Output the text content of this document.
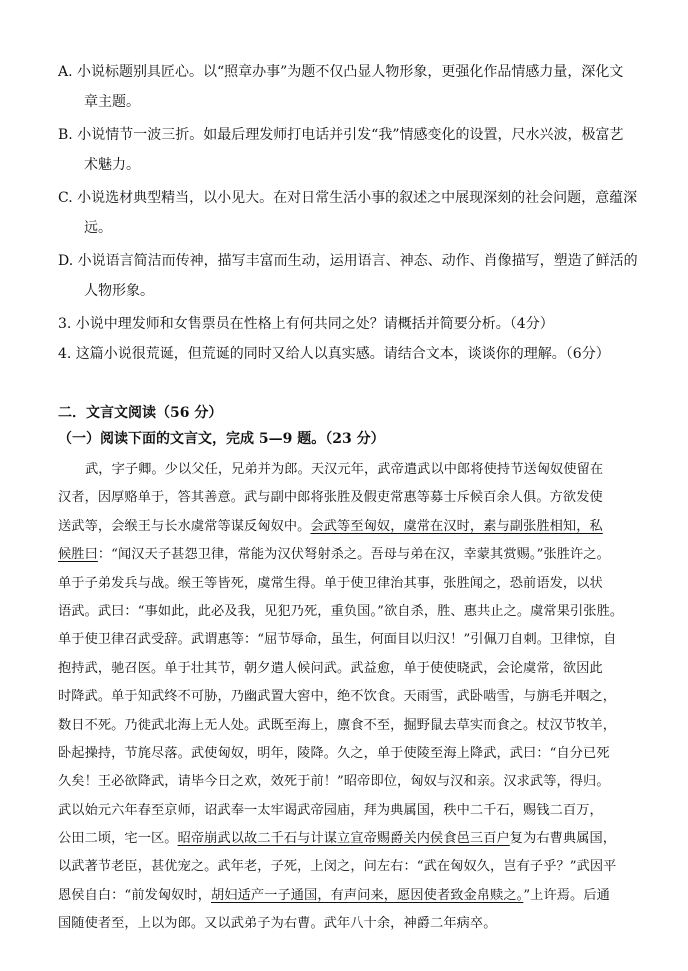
A. 小说标题别具匠心。以“照章办事”为题不仅凸显人物形象，更强化作品情感力量，深化文
章主题。
B. 小说情节一波三折。如最后理发师打电话并引发“我”情感变化的设置，尺水兴波，极富艺
术魅力。
C. 小说选材典型精当，以小见大。在对日常生活小事的叙述之中展现深刻的社会问题，意蕴深
远。
D. 小说语言简洁而传神，描写丰富而生动，运用语言、神态、动作、肖像描写，塑造了鲜活的
人物形象。
3. 小说中理发师和女售票员在性格上有何共同之处？请概括并简要分析。（4分）
4. 这篇小说很荒诞，但荒诞的同时又给人以真实感。请结合文本，谈谈你的理解。（6分）
二．文言文阅读（56 分）
（一）阅读下面的文言文，完成 5—9 题。（23 分）
武，字子卿。少以父任，兄弟并为郎。天汉元年，武帝遣武以中郎将使持节送匈奴使留在
汉者，因厚赂单于，答其善意。武与副中郎将张胜及假吏常惠等募士斥候百余人俱。方欲发使
送武等，会缑王与长水虞常等谋反匈奴中。会武等至匈奴，虞常在汉时，素与副张胜相知，私
候胜曰：“闻汉天子甚怨卫律，常能为汉伏弩射杀之。吾母与弟在汉，幸蒙其赏赐。”张胜许之。
单于子弟发兵与战。缑王等皆死，虞常生得。单于使卫律治其事，张胜闻之，恐前语发，以状
语武。武曰：“事如此，此必及我，见犯乃死，重负国。”欲自杀，胜、惠共止之。虞常果引张胜。
单于使卫律召武受辞。武谓惠等：“屈节辱命，虽生，何面目以归汉！”引佩刀自刺。卫律惊，自
抱持武，驰召医。单于壮其节，朝夕遣人候问武。武益愈，单于使使晓武，会论虞常，欲因此
时降武。单于知武终不可胁，乃幽武置大窖中，绝不饮食。天雨雪，武卧啮雪，与旃毛并咽之，
数日不死。乃徙武北海上无人处。武既至海上，廪食不至，掘野鼠去草实而食之。杖汉节牧羊，
卧起操持，节旄尽落。武使匈奴，明年，陵降。久之，单于使陵至海上降武，武曰：“自分已死
久矣！王必欲降武，请毕今日之欢，效死于前！”昭帝即位，匈奴与汉和亲。汉求武等，得归。
武以始元六年春至京师，诏武奉一太牢谒武帝园庙，拜为典属国，秩中二千石，赐钱二百万，
公田二顷，宅一区。昭帝崩武以故二千石与计谋立宣帝赐爵关内侯食邑三百户复为右曹典属国，
以武著节老臣，甚优宠之。武年老，子死，上闵之，问左右：“武在匈奴久，岂有子乎？”武因平
恩侯自白：“前发匈奴时，胡妇适产一子通国，有声问来，愿因使者致金帛赎之。”上许焉。后通
国随使者至，上以为郎。又以武弟子为右曹。武年八十余，神爵二年病卒。
